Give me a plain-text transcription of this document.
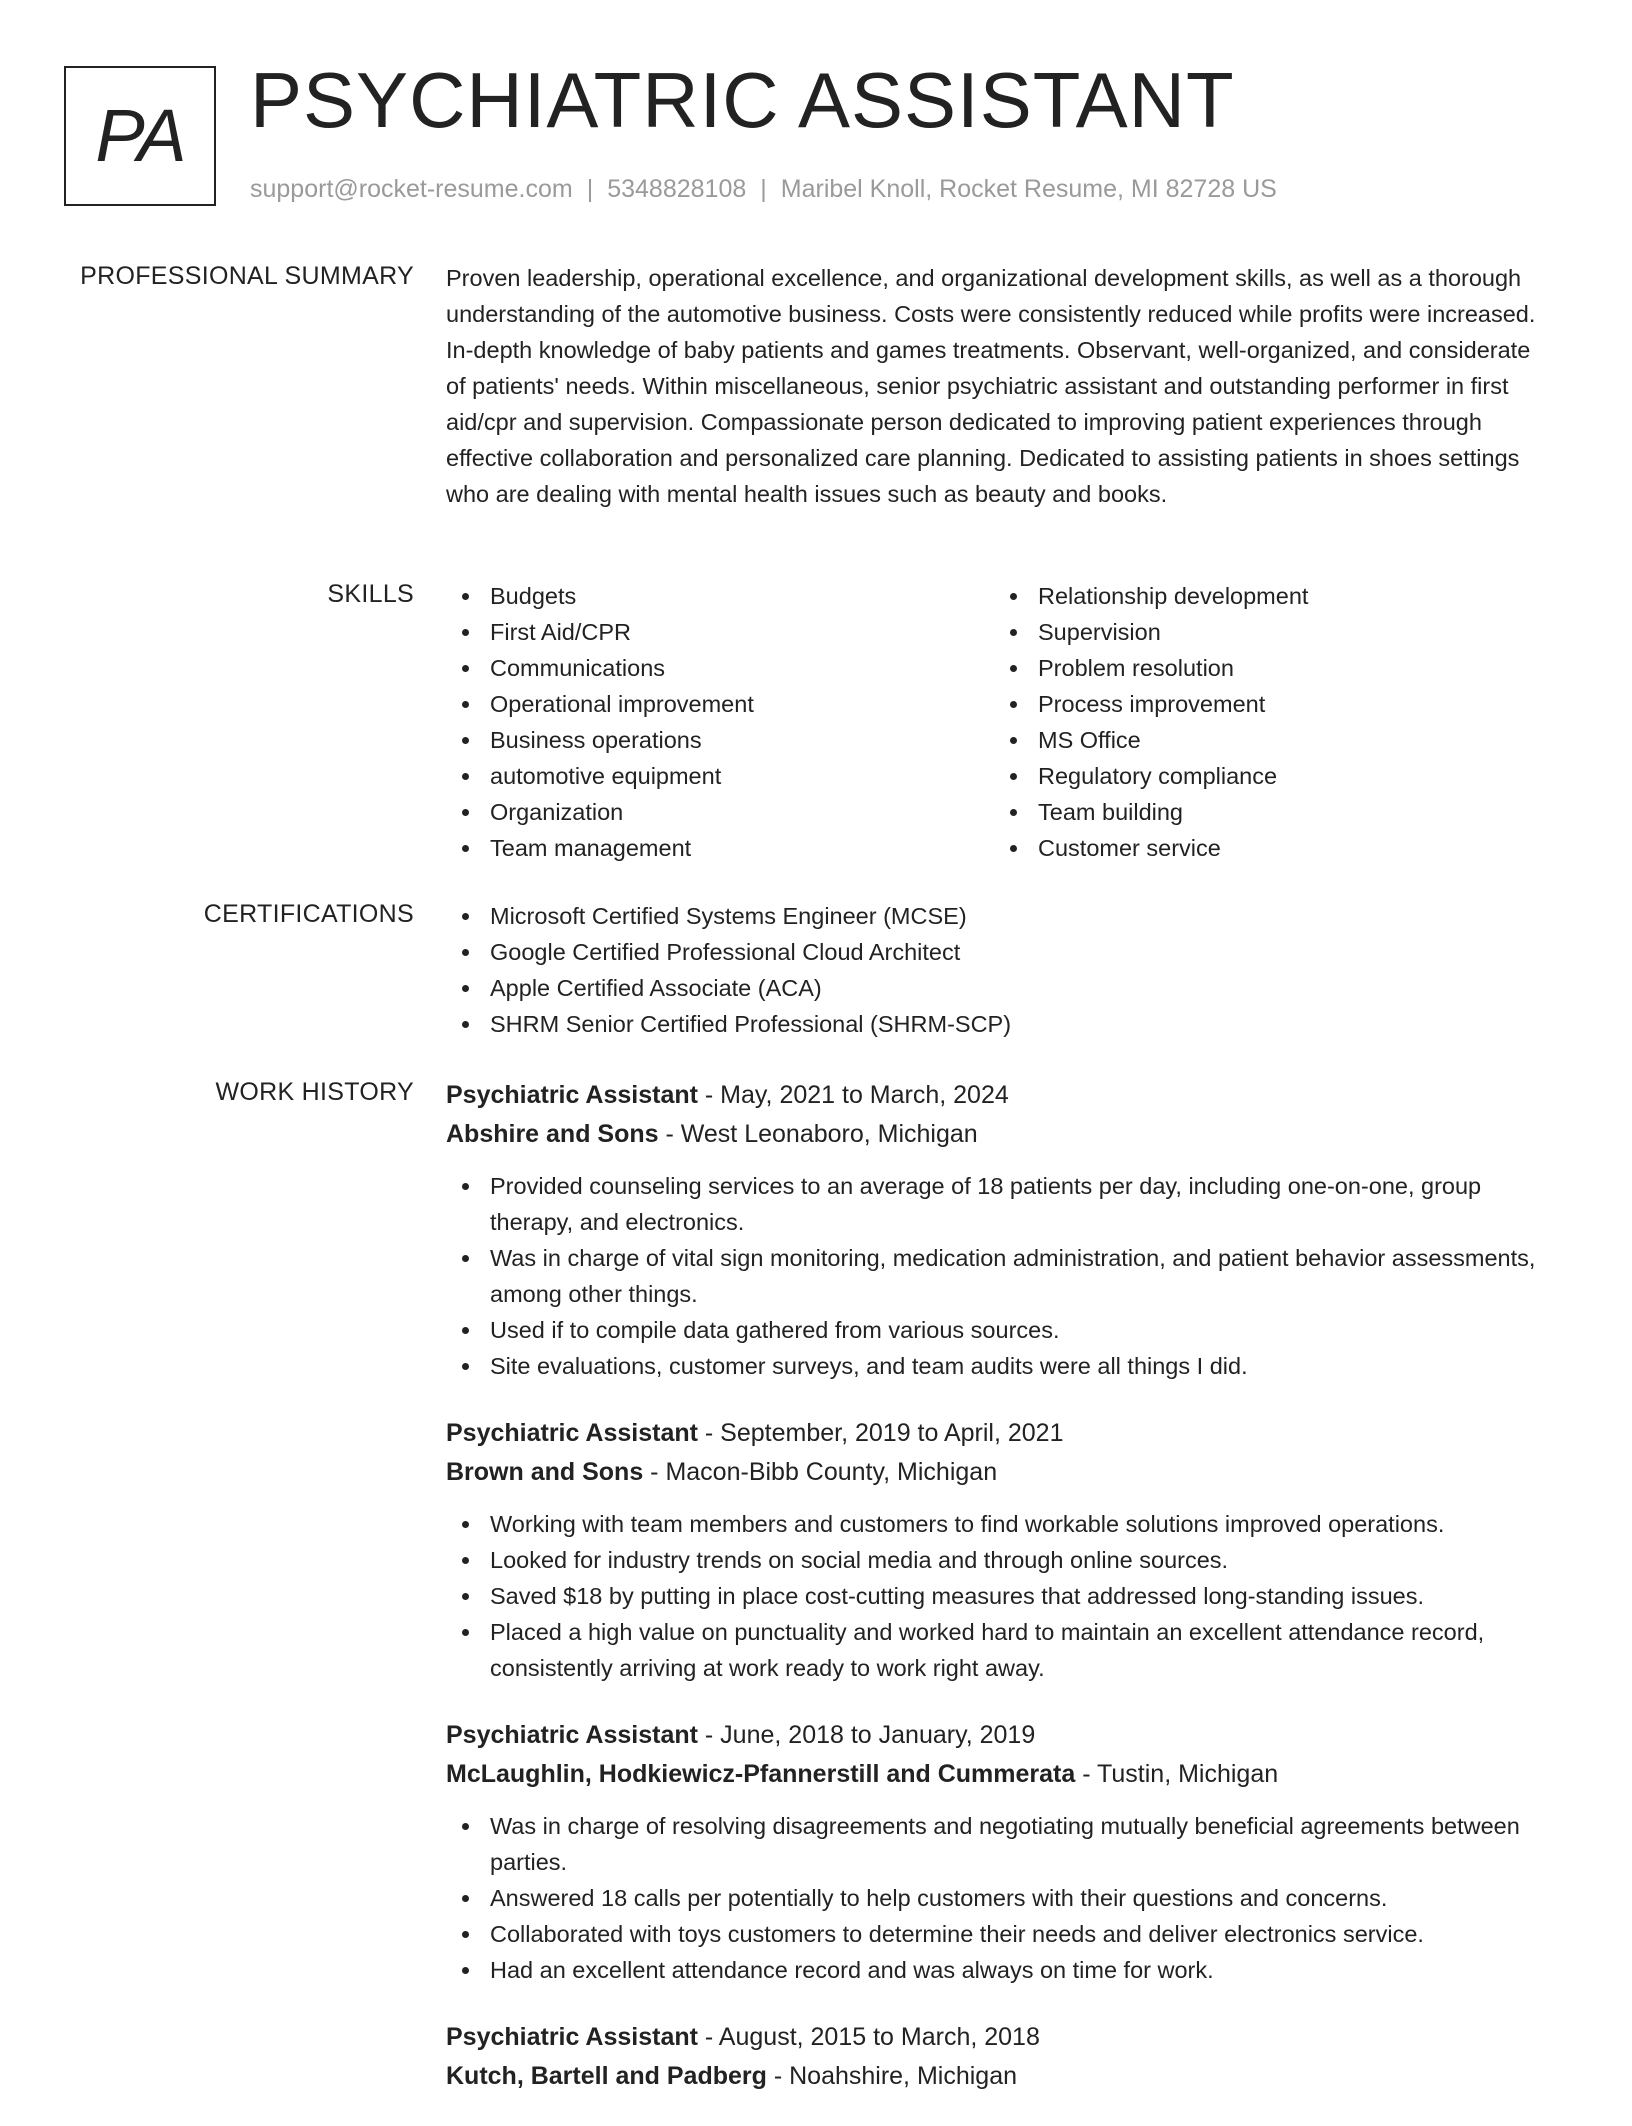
PA PSYCHIATRIC ASSISTANT
support@rocket-resume.com | 5348828108 | Maribel Knoll, Rocket Resume, MI 82728 US
PROFESSIONAL SUMMARY Proven leadership, operational excellence, and organizational development skills, as well as a thorough understanding of the automotive business. Costs were consistently reduced while profits were increased. In-depth knowledge of baby patients and games treatments. Observant, well-organized, and considerate of patients' needs. Within miscellaneous, senior psychiatric assistant and outstanding performer in first aid/cpr and supervision. Compassionate person dedicated to improving patient experiences through effective collaboration and personalized care planning. Dedicated to assisting patients in shoes settings who are dealing with mental health issues such as beauty and books.

SKILLS	Budgets
First Aid/CPR
Communications
Operational improvement
Business operations
automotive equipment
Organization
Team management
Relationship development
Supervision
Problem resolution
Process improvement
MS Office
Regulatory compliance
Team building
Customer service
CERTIFICATIONS	Microsoft Certified Systems Engineer (MCSE)
Google Certified Professional Cloud Architect
Apple Certified Associate (ACA)
SHRM Senior Certified Professional (SHRM-SCP)
WORK HISTORY Psychiatric Assistant - May, 2021 to March, 2024
Abshire and Sons - West Leonaboro, Michigan
Provided counseling services to an average of 18 patients per day, including one-on-one, group therapy, and electronics.
Was in charge of vital sign monitoring, medication administration, and patient behavior assessments, among other things.
Used if to compile data gathered from various sources.
Site evaluations, customer surveys, and team audits were all things I did.
Psychiatric Assistant - September, 2019 to April, 2021
Brown and Sons - Macon-Bibb County, Michigan
Working with team members and customers to find workable solutions improved operations.
Looked for industry trends on social media and through online sources.
Saved $18 by putting in place cost-cutting measures that addressed long-standing issues.
Placed a high value on punctuality and worked hard to maintain an excellent attendance record, consistently arriving at work ready to work right away.
Psychiatric Assistant - June, 2018 to January, 2019
McLaughlin, Hodkiewicz-Pfannerstill and Cummerata - Tustin, Michigan
Was in charge of resolving disagreements and negotiating mutually beneficial agreements between parties.
Answered 18 calls per potentially to help customers with their questions and concerns.
Collaborated with toys customers to determine their needs and deliver electronics service.
Had an excellent attendance record and was always on time for work.
Psychiatric Assistant - August, 2015 to March, 2018
Kutch, Bartell and Padberg - Noahshire, Michigan
